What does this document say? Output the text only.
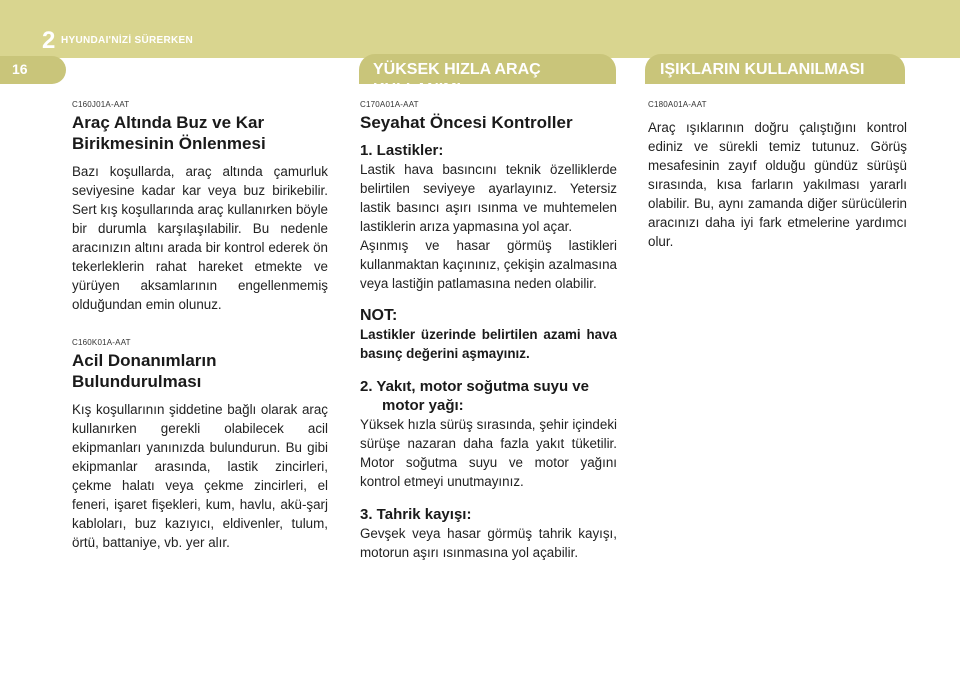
2 HYUNDAI'NİZİ SÜRERKEN
16	YÜKSEK HIZLA ARAÇ KULLANIMI
IŞIKLARIN KULLANILMASI

C160J01A-AAT

Araç Altında Buz ve Kar Birikmesinin Önlenmesi

Bazı koşullarda, araç altında çamurluk seviyesine kadar kar veya buz birikebilir. Sert kış koşullarında araç kullanırken böyle bir durumla karşılaşılabilir. Bu nedenle aracınızın altını arada bir kontrol ederek ön tekerleklerin rahat hareket etmekte ve yürüyen aksamlarının engellenmemiş olduğundan emin olunuz.

C160K01A-AAT

Acil Donanımların Bulundurulması

Kış koşullarının şiddetine bağlı olarak araç kullanırken gerekli olabilecek acil ekipmanları yanınızda bulundurun. Bu gibi ekipmanlar arasında, lastik zincirleri, çekme halatı veya çekme zincirleri, el feneri, işaret fişekleri, kum, havlu, akü-şarj kabloları, buz kazıyıcı, eldivenler, tulum, örtü, battaniye, vb. yer alır.

C170A01A-AAT

Seyahat Öncesi Kontroller

1. Lastikler:

Lastik hava basıncını teknik özelliklerde belirtilen seviyeye ayarlayınız. Yetersiz lastik basıncı aşırı ısınma ve muhtemelen lastiklerin arıza yapmasına yol açar.

Aşınmış ve hasar görmüş lastikleri kullanmaktan kaçınınız, çekişin azalmasına veya lastiğin patlamasına neden olabilir.

NOT:

Lastikler üzerinde belirtilen azami hava basınç değerini aşmayınız.

2. Yakıt, motor soğutma suyu ve motor yağı:

Yüksek hızla sürüş sırasında, şehir içindeki sürüşe nazaran daha fazla yakıt tüketilir. Motor soğutma suyu ve motor yağını kontrol etmeyi unutmayınız.

3. Tahrik kayışı:

Gevşek veya hasar görmüş tahrik kayışı, motorun aşırı ısınmasına yol açabilir.

C180A01A-AAT

Araç ışıklarının doğru çalıştığını kontrol ediniz ve sürekli temiz tutunuz. Görüş mesafesinin zayıf olduğu gündüz sürüşü sırasında, kısa farların yakılması yararlı olabilir. Bu, aynı zamanda diğer sürücülerin aracınızı daha iyi fark etmelerine yardımcı olur.
